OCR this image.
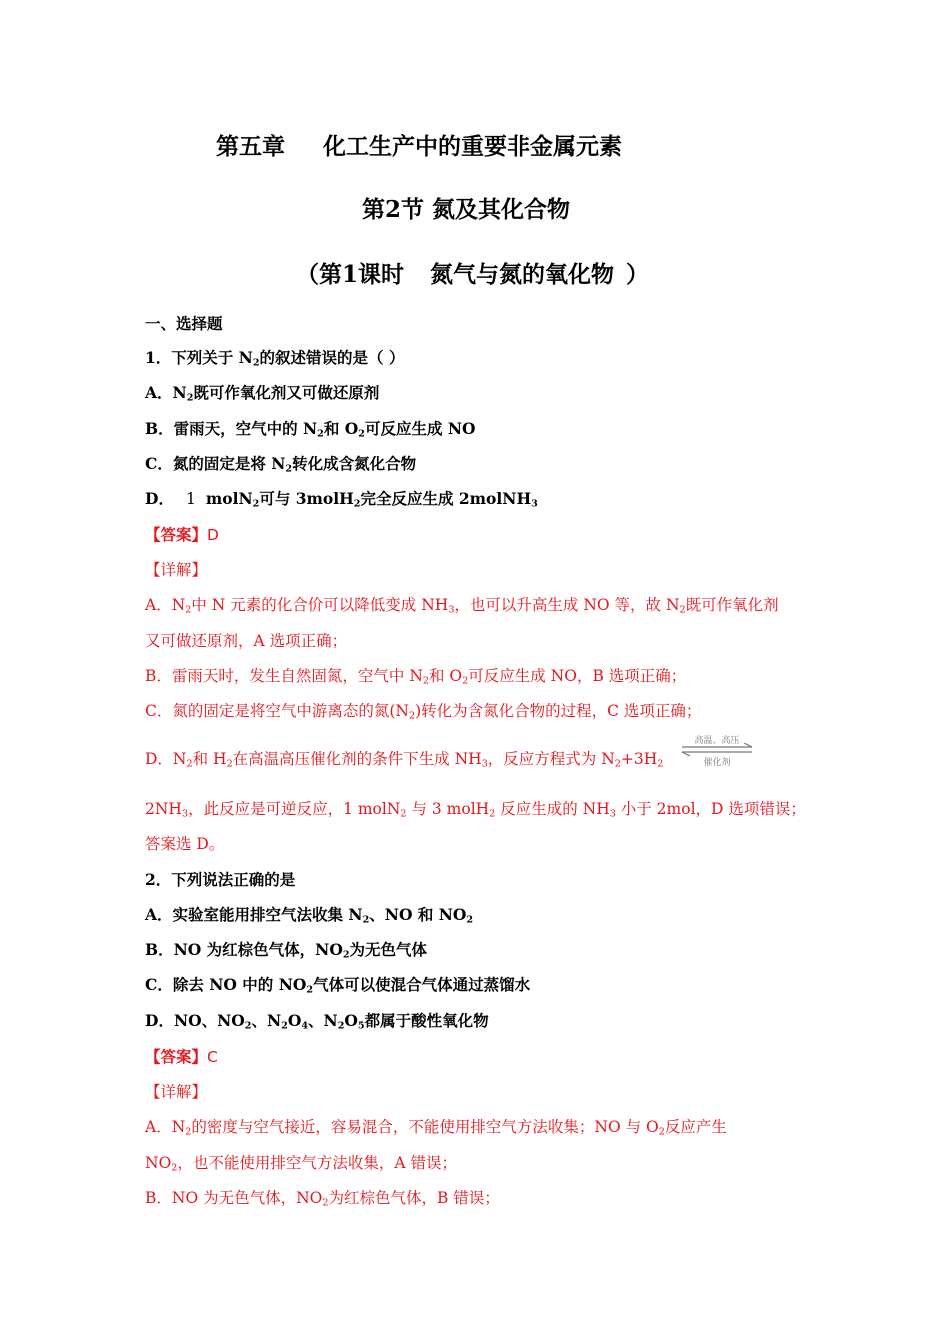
第五章 化工生产中的重要非金属元素
第2节 氮及其化合物
（第1课时 氮气与氮的氧化物 ）
一、选择题
1．下列关于 $N_2$的叙述错误的是（ ）
A．$N_2$既可作氧化剂又可做还原剂
B．雷雨天，空气中的 $N_2$和 $O_2$可反应生成 NO
C．氮的固定是将 $N_2$转化成含氮化合物
D． 1 molN$_2$可与 3molH$_2$完全反应生成 2molNH$_3$
【答案】D
【详解】
A．$N_2$中 N 元素的化合价可以降低变成 $NH_3$，也可以升高生成 NO 等，故 $N_2$既可作氧化剂
又可做还原剂，A 选项正确；
B．雷雨天时，发生自然固氮，空气中 $N_2$和 $O_2$可反应生成 NO，B 选项正确；
C．氮的固定是将空气中游离态的氮$(N_2)$转化为含氮化合物的过程，C 选项正确；
D．$N_2$和 $H_2$在高温高压催化剂的条件下生成 $NH_3$，反应方程式为 $N_2+3H_2$
高温、高压
催化剂
$2NH_3$，此反应是可逆反应，1 molN$_2$ 与 3 molH$_2$ 反应生成的 $NH_3$ 小于 2mol，D 选项错误；
答案选 D。
2．下列说法正确的是
A．实验室能用排空气法收集 $N_2$、NO 和 $NO_2$
B．NO 为红棕色气体，$NO_2$为无色气体
C．除去 NO 中的 $NO_2$气体可以使混合气体通过蒸馏水
D．NO、$NO_2$、$N_2O_4$、$N_2O_5$都属于酸性氧化物
【答案】C
【详解】
A．$N_2$的密度与空气接近，容易混合，不能使用排空气方法收集；NO 与 $O_2$反应产生
$NO_2$，也不能使用排空气方法收集，A 错误；
B．NO 为无色气体，$NO_2$为红棕色气体，B 错误；
